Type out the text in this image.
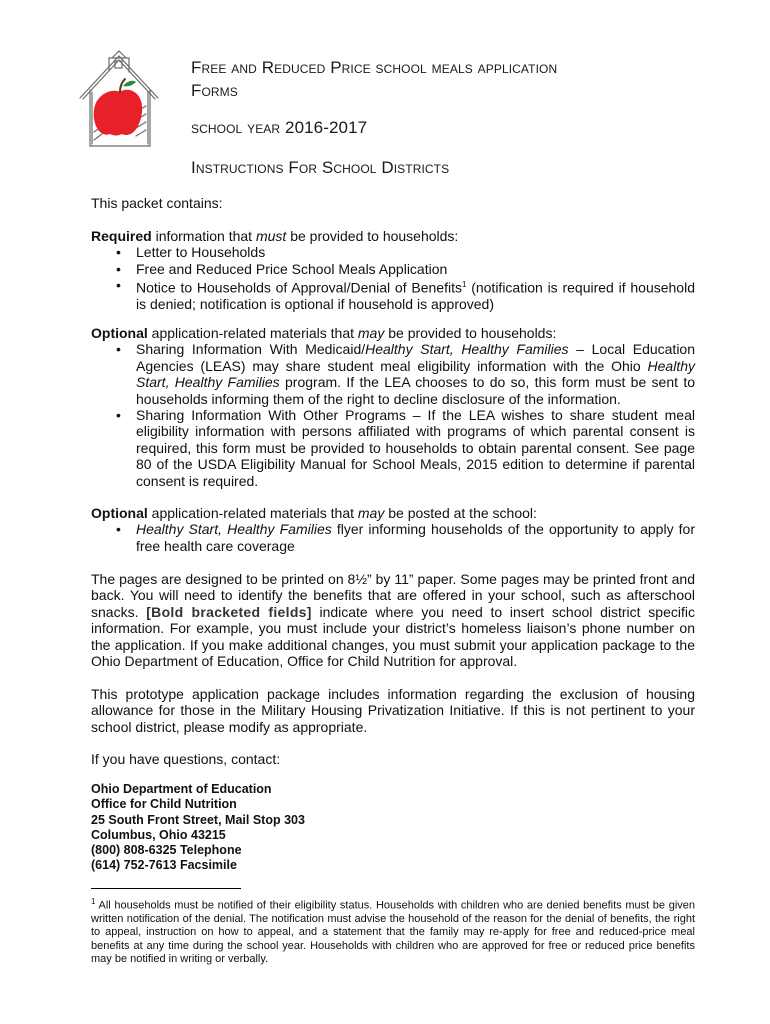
Free and Reduced Price school meals application
Forms
school year 2016-2017
Instructions For School Districts

This packet contains:

Required information that must be provided to households:

• Letter to Households
• Free and Reduced Price School Meals Application
• Notice to Households of Approval/Denial of Benefits$^1$ (notification is required if household is denied; notification is optional if household is approved)

Optional application-related materials that may be provided to households:

• Sharing Information With Medicaid/Healthy Start, Healthy Families – Local Education Agencies (LEAS) may share student meal eligibility information with the Ohio Healthy Start, Healthy Families program. If the LEA chooses to do so, this form must be sent to households informing them of the right to decline disclosure of the information.
• Sharing Information With Other Programs – If the LEA wishes to share student meal eligibility information with persons affiliated with programs of which parental consent is required, this form must be provided to households to obtain parental consent. See page 80 of the USDA Eligibility Manual for School Meals, 2015 edition to determine if parental consent is required.

Optional application-related materials that may be posted at the school:

• Healthy Start, Healthy Families flyer informing households of the opportunity to apply for free health care coverage

The pages are designed to be printed on 8½” by 11” paper. Some pages may be printed front and back. You will need to identify the benefits that are offered in your school, such as afterschool snacks. [Bold bracketed fields] indicate where you need to insert school district specific information. For example, you must include your district’s homeless liaison’s phone number on the application. If you make additional changes, you must submit your application package to the Ohio Department of Education, Office for Child Nutrition for approval.

This prototype application package includes information regarding the exclusion of housing allowance for those in the Military Housing Privatization Initiative. If this is not pertinent to your school district, please modify as appropriate.

If you have questions, contact:

Ohio Department of Education
Office for Child Nutrition
25 South Front Street, Mail Stop 303
Columbus, Ohio 43215
(800) 808-6325 Telephone
(614) 752-7613 Facsimile
$^1$ All households must be notified of their eligibility status. Households with children who are denied benefits must be given written notification of the denial. The notification must advise the household of the reason for the denial of benefits, the right to appeal, instruction on how to appeal, and a statement that the family may re-apply for free and reduced-price meal benefits at any time during the school year. Households with children who are approved for free or reduced price benefits may be notified in writing or verbally.
